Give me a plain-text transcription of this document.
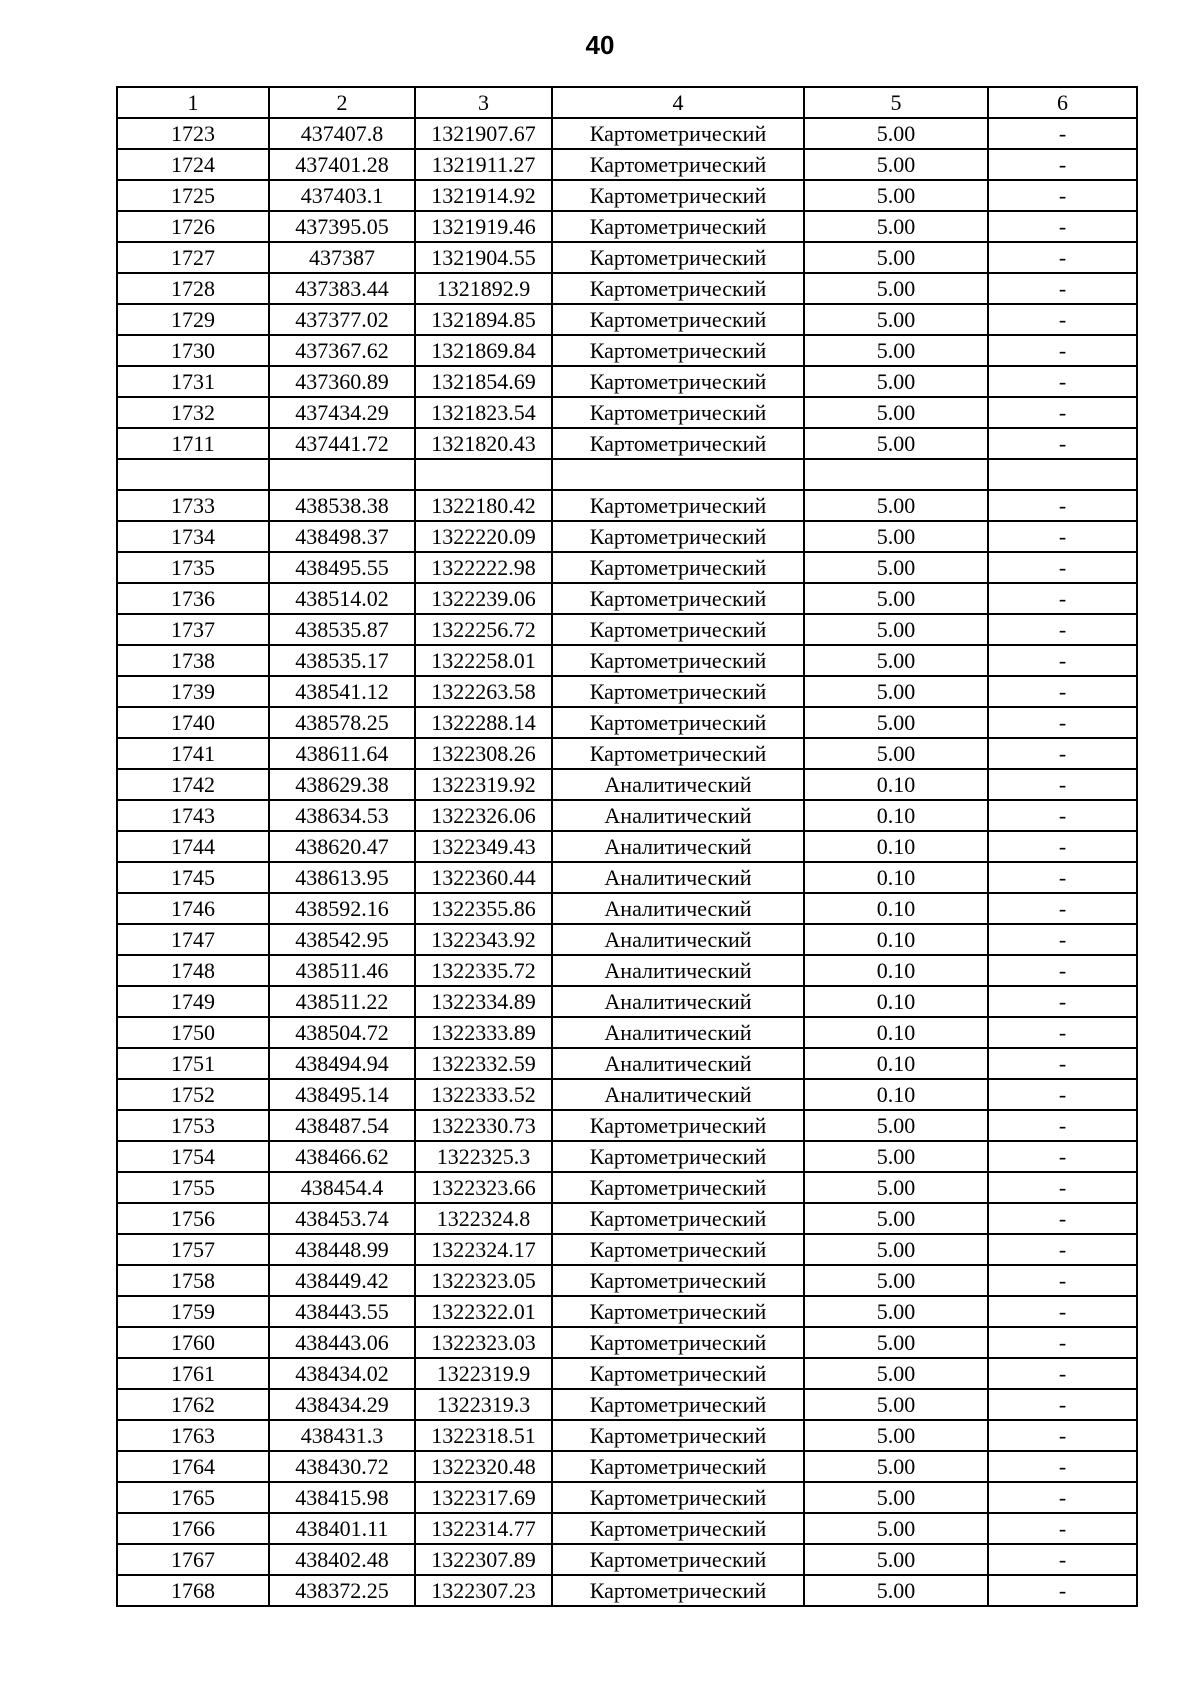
40
1	2	3	4	5	6
1723	437407.8	1321907.67	Картометрический	5.00	-
1724	437401.28	1321911.27	Картометрический	5.00	-
1725	437403.1	1321914.92	Картометрический	5.00	-
1726	437395.05	1321919.46	Картометрический	5.00	-
1727	437387	1321904.55	Картометрический	5.00	-
1728	437383.44	1321892.9	Картометрический	5.00	-
1729	437377.02	1321894.85	Картометрический	5.00	-
1730	437367.62	1321869.84	Картометрический	5.00	-
1731	437360.89	1321854.69	Картометрический	5.00	-
1732	437434.29	1321823.54	Картометрический	5.00	-
1711	437441.72	1321820.43	Картометрический	5.00	-

1733	438538.38	1322180.42	Картометрический	5.00	-
1734	438498.37	1322220.09	Картометрический	5.00	-
1735	438495.55	1322222.98	Картометрический	5.00	-
1736	438514.02	1322239.06	Картометрический	5.00	-
1737	438535.87	1322256.72	Картометрический	5.00	-
1738	438535.17	1322258.01	Картометрический	5.00	-
1739	438541.12	1322263.58	Картометрический	5.00	-
1740	438578.25	1322288.14	Картометрический	5.00	-
1741	438611.64	1322308.26	Картометрический	5.00	-
1742	438629.38	1322319.92	Аналитический	0.10	-
1743	438634.53	1322326.06	Аналитический	0.10	-
1744	438620.47	1322349.43	Аналитический	0.10	-
1745	438613.95	1322360.44	Аналитический	0.10	-
1746	438592.16	1322355.86	Аналитический	0.10	-
1747	438542.95	1322343.92	Аналитический	0.10	-
1748	438511.46	1322335.72	Аналитический	0.10	-
1749	438511.22	1322334.89	Аналитический	0.10	-
1750	438504.72	1322333.89	Аналитический	0.10	-
1751	438494.94	1322332.59	Аналитический	0.10	-
1752	438495.14	1322333.52	Аналитический	0.10	-
1753	438487.54	1322330.73	Картометрический	5.00	-
1754	438466.62	1322325.3	Картометрический	5.00	-
1755	438454.4	1322323.66	Картометрический	5.00	-
1756	438453.74	1322324.8	Картометрический	5.00	-
1757	438448.99	1322324.17	Картометрический	5.00	-
1758	438449.42	1322323.05	Картометрический	5.00	-
1759	438443.55	1322322.01	Картометрический	5.00	-
1760	438443.06	1322323.03	Картометрический	5.00	-
1761	438434.02	1322319.9	Картометрический	5.00	-
1762	438434.29	1322319.3	Картометрический	5.00	-
1763	438431.3	1322318.51	Картометрический	5.00	-
1764	438430.72	1322320.48	Картометрический	5.00	-
1765	438415.98	1322317.69	Картометрический	5.00	-
1766	438401.11	1322314.77	Картометрический	5.00	-
1767	438402.48	1322307.89	Картометрический	5.00	-
1768	438372.25	1322307.23	Картометрический	5.00	-
